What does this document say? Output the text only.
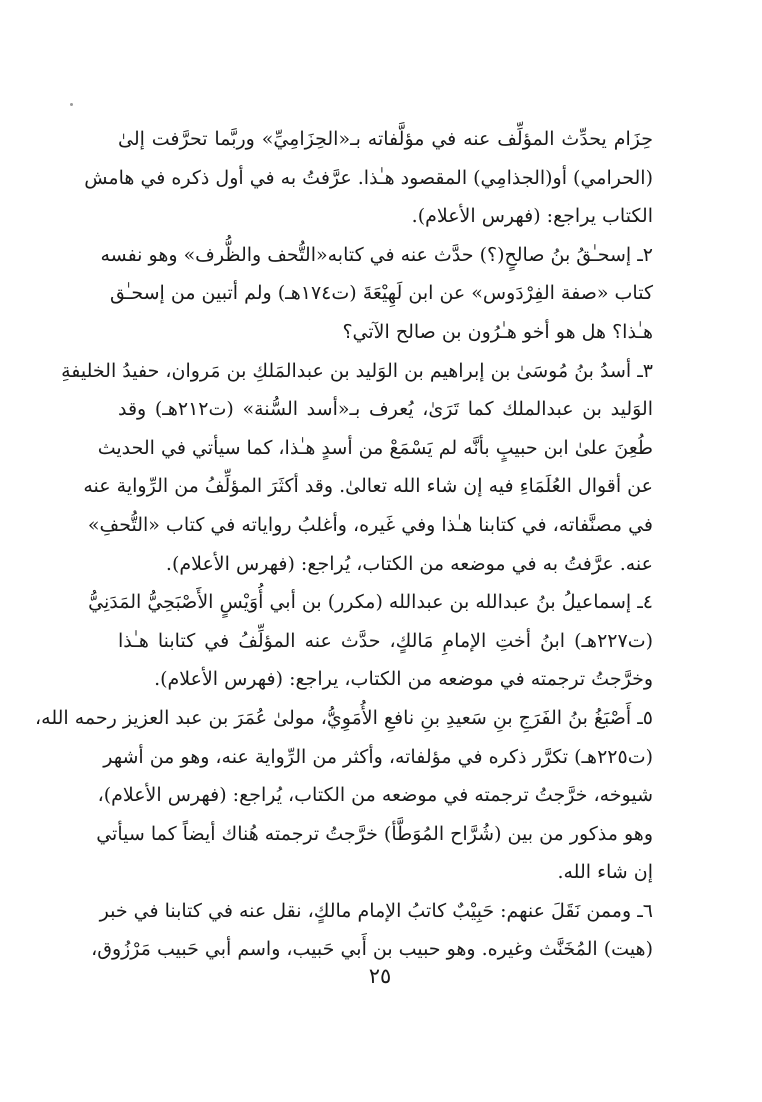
حِزَام يحدِّث المؤلِّف عنه في مؤلَّفاته بـ«الحِزَامِيِّ» وربَّما تحرَّفت إلىٰ
(الحرامي) أو(الجذامِي) المقصود هـٰذا. عرَّفتُ به في أول ذكره في هامش
الكتاب يراجع: (فهرس الأعلام).
٢ـ إسحـٰقُ بنُ صالحٍ(؟) حدَّث عنه في كتابه«التُّحف والظُّرف» وهو نفسه
كتاب «صفة الفِرْدَوس» عن ابن لَهِيْعَةَ (ت١٧٤هـ) ولم أتبين من إسحـٰق
هـٰذا؟ هل هو أخو هـٰرُون بن صالح الآتي؟
٣ـ أسدُ بنُ مُوسَىٰ بن إبراهيم بن الوَليد بن عبدالمَلكِ بن مَروان، حفيدُ الخليفةِ
الوَليد بن عبدالملك كما تَرَىٰ، يُعرف بـ«أسد السُّنة» (ت٢١٢هـ) وقد
طُعِنَ علىٰ ابن حبيبٍ بأنَّه لم يَسْمَعْ من أسدٍ هـٰذا، كما سيأتي في الحديث
عن أقوال العُلَمَاءِ فيه إن شاء الله تعالىٰ. وقد أكثَرَ المؤلِّفُ من الرِّواية عنه
في مصنَّفاته، في كتابنا هـٰذا وفي غَيره، وأغلبُ رواياته في كتاب «التُّحفِ»
عنه. عرَّفتُ به في موضعه من الكتاب، يُراجع: (فهرس الأعلام).
٤ـ إسماعيلُ بنُ عبدالله بن عبدالله (مكرر) بن أبي أُوَيْسٍ الأَصْبَحِيُّ المَدَنِيُّ
(ت٢٢٧هـ) ابنُ أختِ الإمامِ مَالكٍ، حدَّث عنه المؤلِّفُ في كتابنا هـٰذا
وخرَّجتُ ترجمته في موضعه من الكتاب، يراجع: (فهرس الأعلام).
٥ـ أَصْبَغُ بنُ الفَرَجِ بنِ سَعيدِ بنِ نافعِ الأُمَوِيُّ، مولىٰ عُمَرَ بن عبد العزيز رحمه الله،
(ت٢٢٥هـ) تكرَّر ذكره في مؤلفاته، وأكثر من الرِّواية عنه، وهو من أشهر
شيوخه، خرَّجتُ ترجمته في موضعه من الكتاب، يُراجع: (فهرس الأعلام)،
وهو مذكور من بين (شُرَّاح المُوَطَّأ) خرَّجتُ ترجمته هُناك أيضاً كما سيأتي
إن شاء الله.
٦ـ وممن نَقَلَ عنهم: حَبِيْبٌ كاتبُ الإمام مالكٍ، نقل عنه في كتابنا في خبر
(هيت) المُخَنَّث وغيره. وهو حبيب بن أَبي حَبيب، واسم أبي حَبيب مَرْزُوق،
٢٥
